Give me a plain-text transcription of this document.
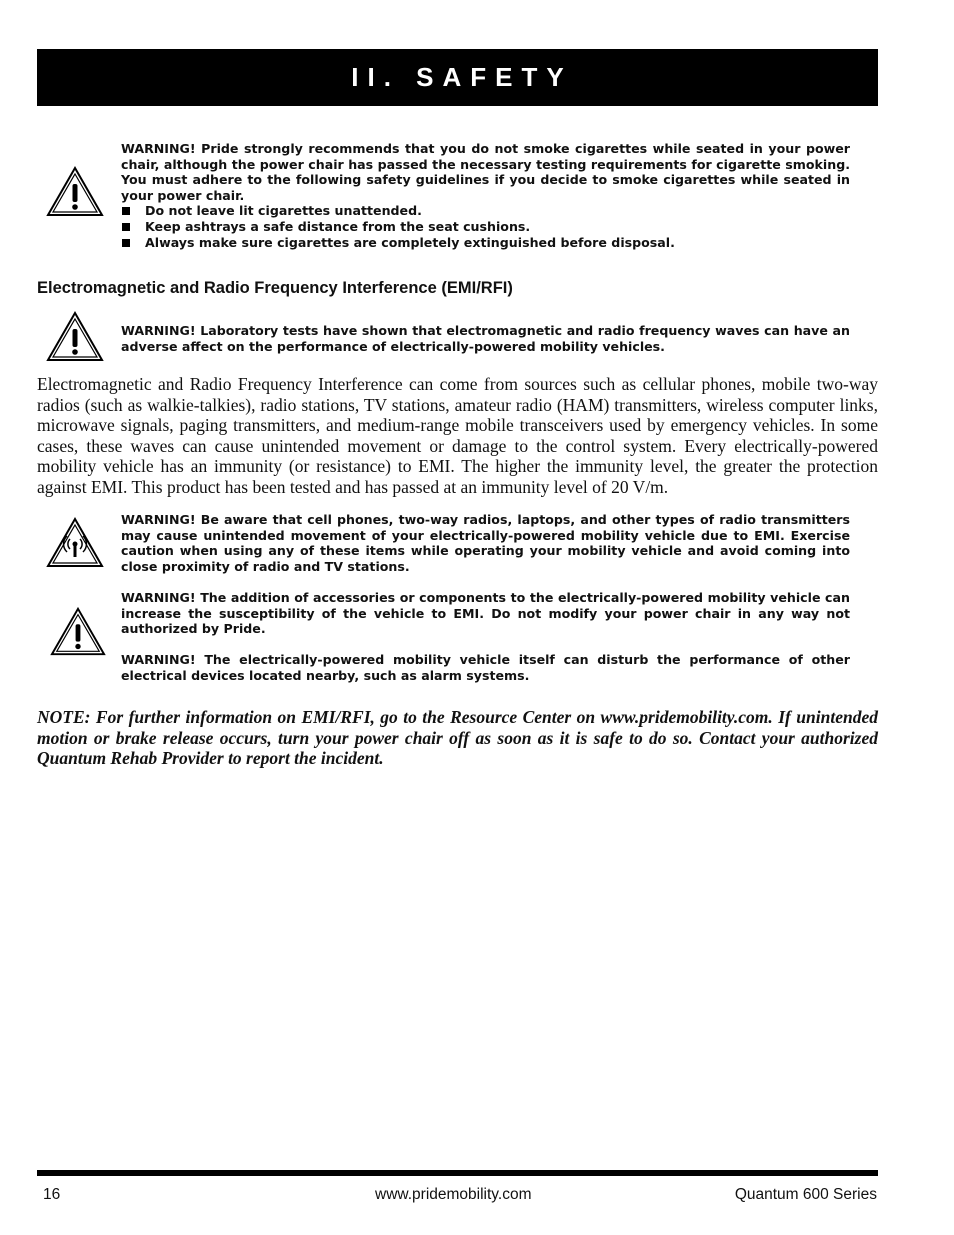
II. SAFETY
WARNING! Pride strongly recommends that you do not smoke cigarettes while seated in your power chair, although the power chair has passed the necessary testing requirements for cigarette smoking. You must adhere to the following safety guidelines if you decide to smoke cigarettes while seated in your power chair.
Do not leave lit cigarettes unattended.
Keep ashtrays a safe distance from the seat cushions.
Always make sure cigarettes are completely extinguished before disposal.
Electromagnetic and Radio Frequency Interference (EMI/RFI)
WARNING! Laboratory tests have shown that electromagnetic and radio frequency waves can have an adverse affect on the performance of electrically-powered mobility vehicles.

Electromagnetic and Radio Frequency Interference can come from sources such as cellular phones, mobile two-way radios (such as walkie-talkies), radio stations, TV stations, amateur radio (HAM) transmitters, wireless computer links, microwave signals, paging transmitters, and medium-range mobile transceivers used by emergency vehicles. In some cases, these waves can cause unintended movement or damage to the control system. Every electrically-powered mobility vehicle has an immunity (or resistance) to EMI. The higher the immunity level, the greater the protection against EMI. This product has been tested and has passed at an immunity level of 20 V/m.

WARNING! Be aware that cell phones, two-way radios, laptops, and other types of radio transmitters may cause unintended movement of your electrically-powered mobility vehicle due to EMI. Exercise caution when using any of these items while operating your mobility vehicle and avoid coming into close proximity of radio and TV stations.
WARNING! The addition of accessories or components to the electrically-powered mobility vehicle can increase the susceptibility of the vehicle to EMI. Do not modify your power chair in any way not authorized by Pride.
WARNING! The electrically-powered mobility vehicle itself can disturb the performance of other electrical devices located nearby, such as alarm systems.

NOTE: For further information on EMI/RFI, go to the Resource Center on www.pridemobility.com. If unintended motion or brake release occurs, turn your power chair off as soon as it is safe to do so. Contact your authorized Quantum Rehab Provider to report the incident.

16	www.pridemobility.com	Quantum 600 Series
